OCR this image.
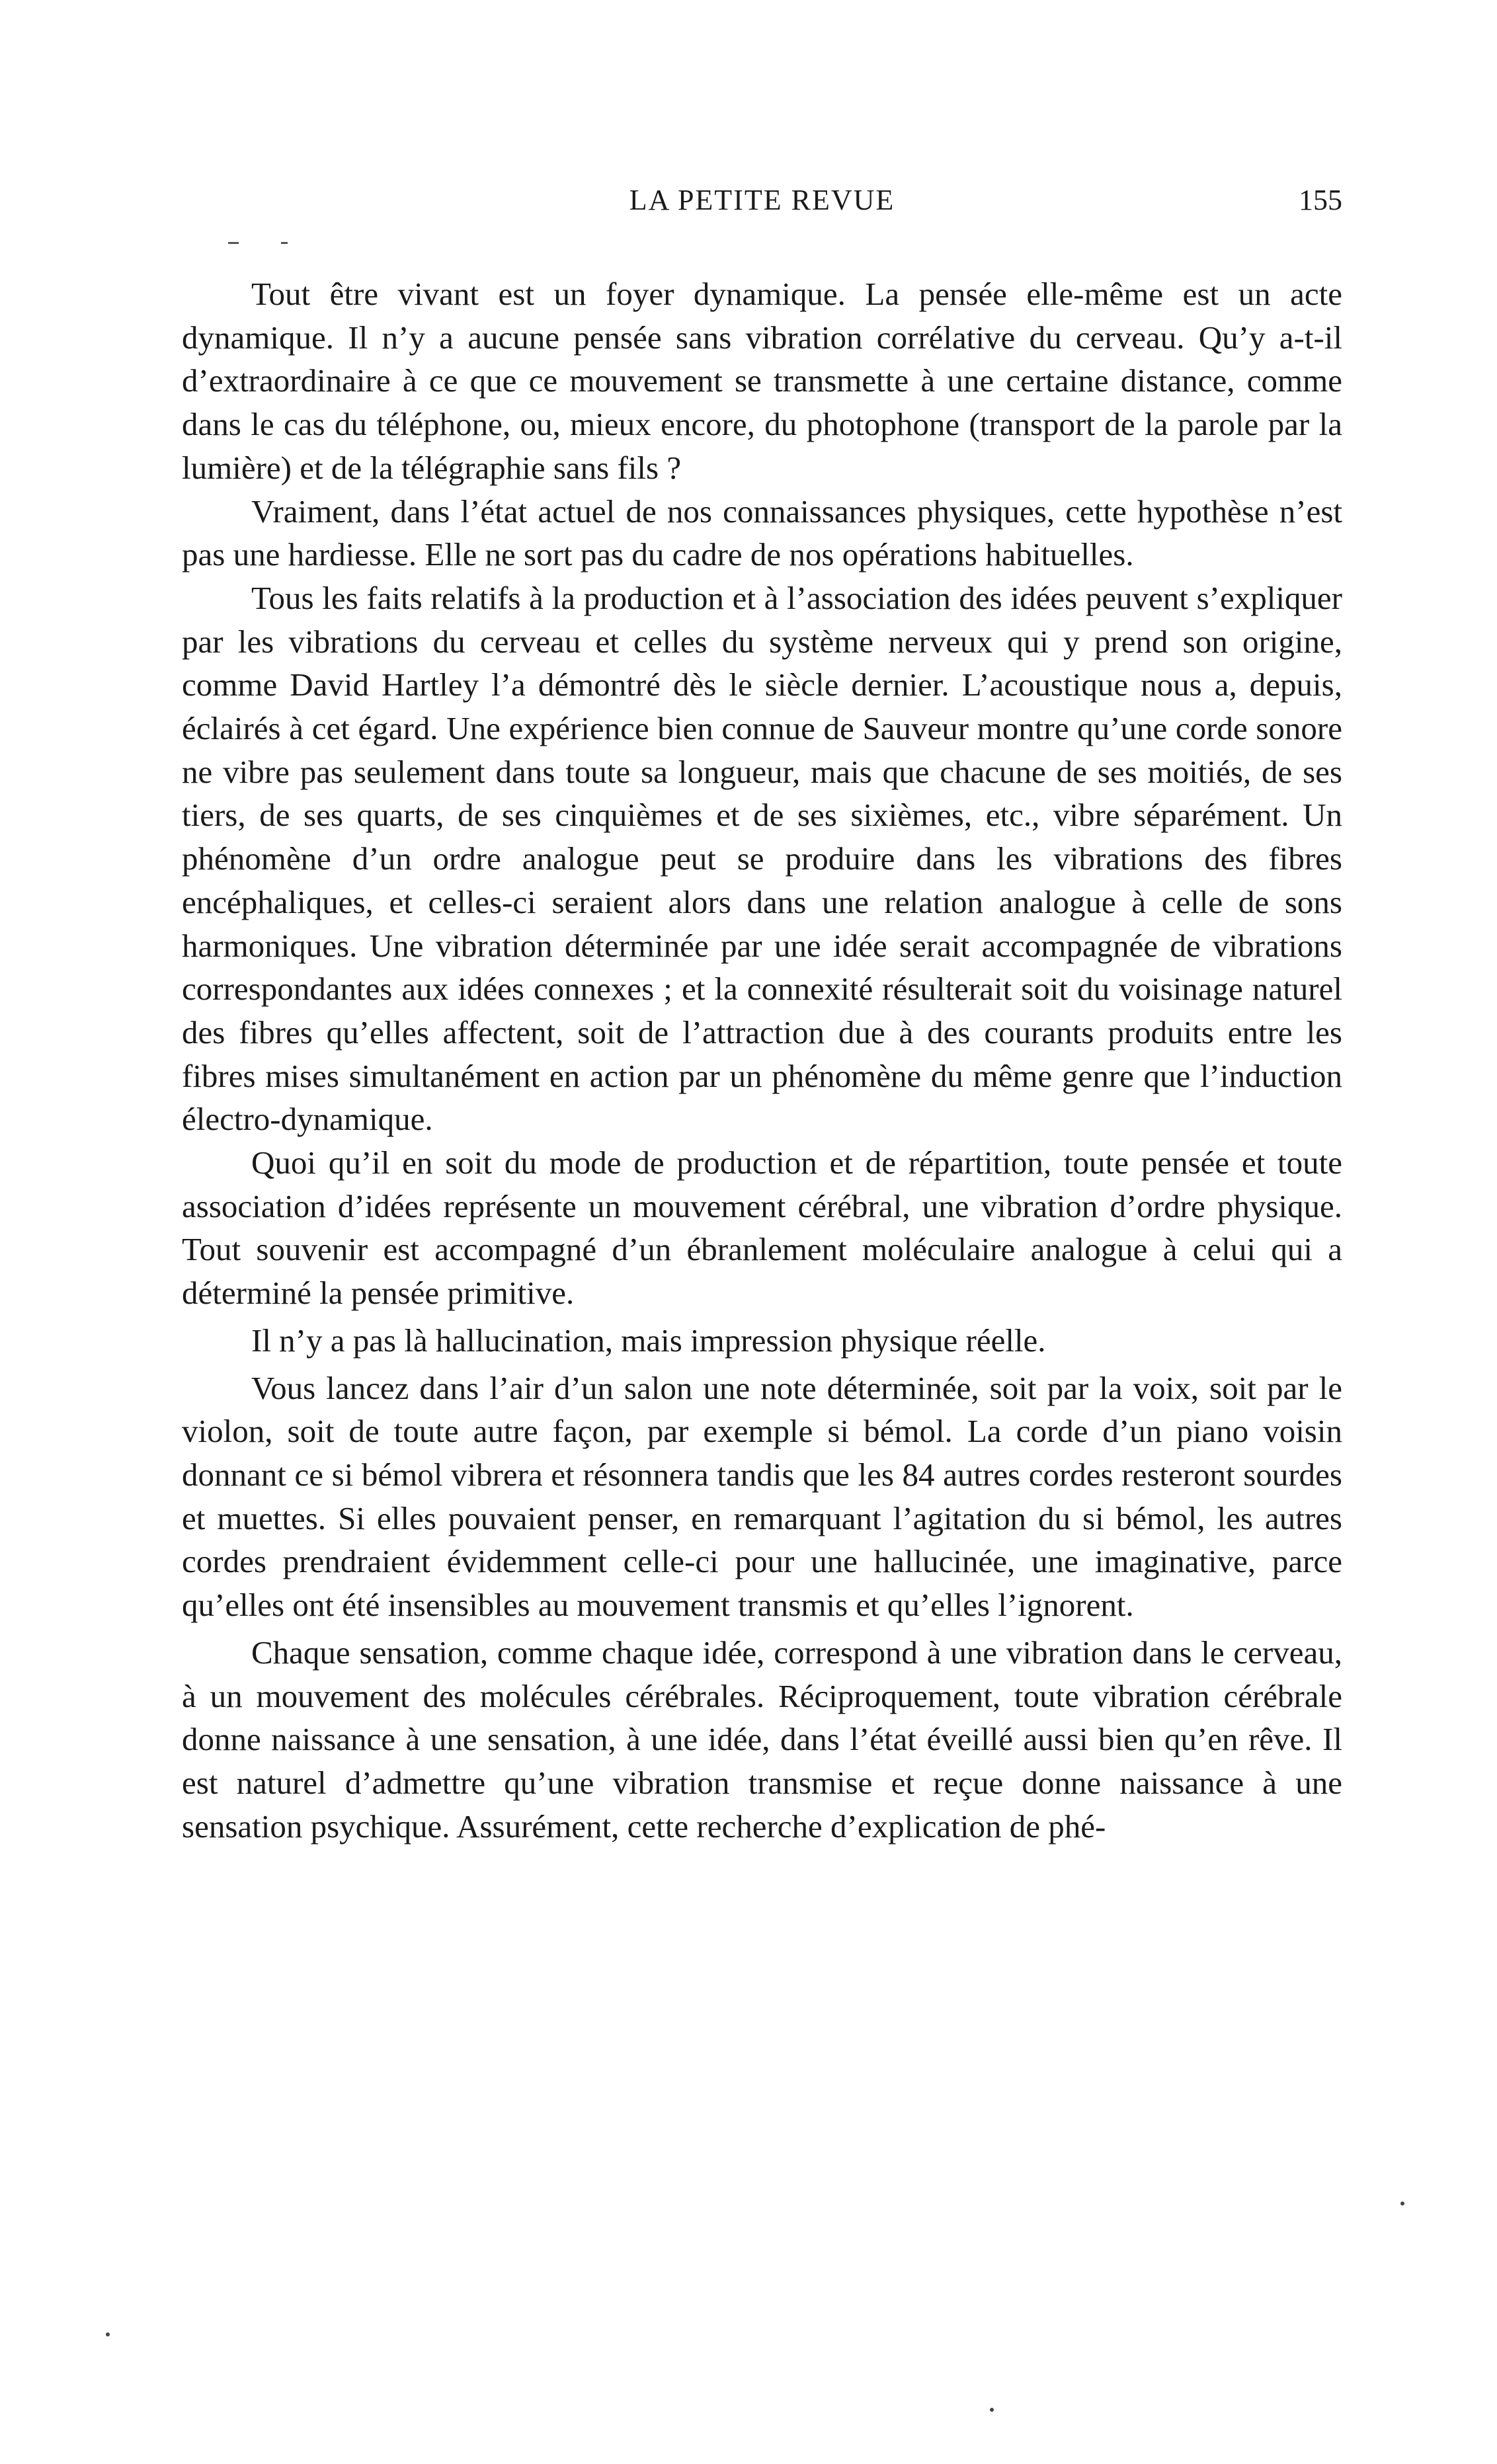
LA PETITE REVUE	155

Tout être vivant est un foyer dynamique. La pensée elle-même est un acte dynamique. Il n’y a aucune pensée sans vibration corrélative du cerveau. Qu’y a-t-il d’extraordinaire à ce que ce mouvement se transmette à une certaine distance, comme dans le cas du téléphone, ou, mieux encore, du photophone (transport de la parole par la lumière) et de la télégraphie sans fils ?

Vraiment, dans l’état actuel de nos connaissances physiques, cette hypothèse n’est pas une hardiesse. Elle ne sort pas du cadre de nos opérations habituelles.

Tous les faits relatifs à la production et à l’association des idées peuvent s’expliquer par les vibrations du cerveau et celles du système nerveux qui y prend son origine, comme David Hartley l’a démontré dès le siècle dernier. L’acoustique nous a, depuis, éclairés à cet égard. Une expérience bien connue de Sauveur montre qu’une corde sonore ne vibre pas seulement dans toute sa longueur, mais que chacune de ses moitiés, de ses tiers, de ses quarts, de ses cinquièmes et de ses sixièmes, etc., vibre séparément. Un phénomène d’un ordre analogue peut se produire dans les vibrations des fibres encéphaliques, et celles-ci seraient alors dans une relation analogue à celle de sons harmoniques. Une vibration déterminée par une idée serait accompagnée de vibrations correspondantes aux idées connexes ; et la connexité résulterait soit du voisinage naturel des fibres qu’elles affectent, soit de l’attraction due à des courants produits entre les fibres mises simultanément en action par un phénomène du même genre que l’induction électro-dynamique.

Quoi qu’il en soit du mode de production et de répartition, toute pensée et toute association d’idées représente un mouvement cérébral, une vibration d’ordre physique. Tout souvenir est accompagné d’un ébranlement moléculaire analogue à celui qui a déterminé la pensée primitive.

Il n’y a pas là hallucination, mais impression physique réelle.

Vous lancez dans l’air d’un salon une note déterminée, soit par la voix, soit par le violon, soit de toute autre façon, par exemple si bémol. La corde d’un piano voisin donnant ce si bémol vibrera et résonnera tandis que les 84 autres cordes resteront sourdes et muettes. Si elles pouvaient penser, en remarquant l’agitation du si bémol, les autres cordes prendraient évidemment celle-ci pour une hallucinée, une imaginative, parce qu’elles ont été insensibles au mouvement transmis et qu’elles l’ignorent.

Chaque sensation, comme chaque idée, correspond à une vibration dans le cerveau, à un mouvement des molécules cérébrales. Réciproquement, toute vibration cérébrale donne naissance à une sensation, à une idée, dans l’état éveillé aussi bien qu’en rêve. Il est naturel d’admettre qu’une vibration transmise et reçue donne naissance à une sensation psychique. Assurément, cette recherche d’explication de phé-
